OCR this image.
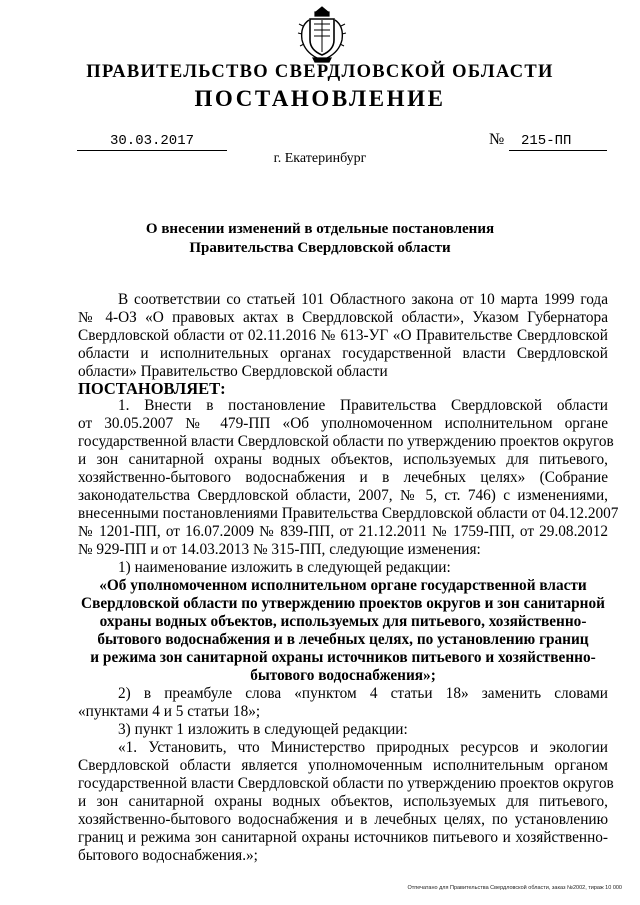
ПРАВИТЕЛЬСТВО СВЕРДЛОВСКОЙ ОБЛАСТИ
ПОСТАНОВЛЕНИЕ
30.03.2017	№ 215-ПП
г. Екатеринбург
О внесении изменений в отдельные постановления
Правительства Свердловской области
В соответствии со статьей 101 Областного закона от 10 марта 1999 года
№ 4-ОЗ «О правовых актах в Свердловской области», Указом Губернатора
Свердловской области от 02.11.2016 № 613-УГ «О Правительстве Свердловской
области и исполнительных органах государственной власти Свердловской
области» Правительство Свердловской области
ПОСТАНОВЛЯЕТ:
1. Внести в постановление Правительства Свердловской области
от 30.05.2007 № 479-ПП «Об уполномоченном исполнительном органе
государственной власти Свердловской области по утверждению проектов округов
и зон санитарной охраны водных объектов, используемых для питьевого,
хозяйственно-бытового водоснабжения и в лечебных целях» (Собрание
законодательства Свердловской области, 2007, № 5, ст. 746) с изменениями,
внесенными постановлениями Правительства Свердловской области от 04.12.2007
№ 1201-ПП, от 16.07.2009 № 839-ПП, от 21.12.2011 № 1759-ПП, от 29.08.2012
№ 929-ПП и от 14.03.2013 № 315-ПП, следующие изменения:
1) наименование изложить в следующей редакции:
«Об уполномоченном исполнительном органе государственной власти
Свердловской области по утверждению проектов округов и зон санитарной
охраны водных объектов, используемых для питьевого, хозяйственно-
бытового водоснабжения и в лечебных целях, по установлению границ
и режима зон санитарной охраны источников питьевого и хозяйственно-
бытового водоснабжения»;
2) в преамбуле слова «пунктом 4 статьи 18» заменить словами
«пунктами 4 и 5 статьи 18»;
3) пункт 1 изложить в следующей редакции:
«1. Установить, что Министерство природных ресурсов и экологии
Свердловской области является уполномоченным исполнительным органом
государственной власти Свердловской области по утверждению проектов округов
и зон санитарной охраны водных объектов, используемых для питьевого,
хозяйственно-бытового водоснабжения и в лечебных целях, по установлению
границ и режима зон санитарной охраны источников питьевого и хозяйственно-
бытового водоснабжения.»;
Отпечатано для Правительства Свердловской области, заказ №2002, тираж 10 000
